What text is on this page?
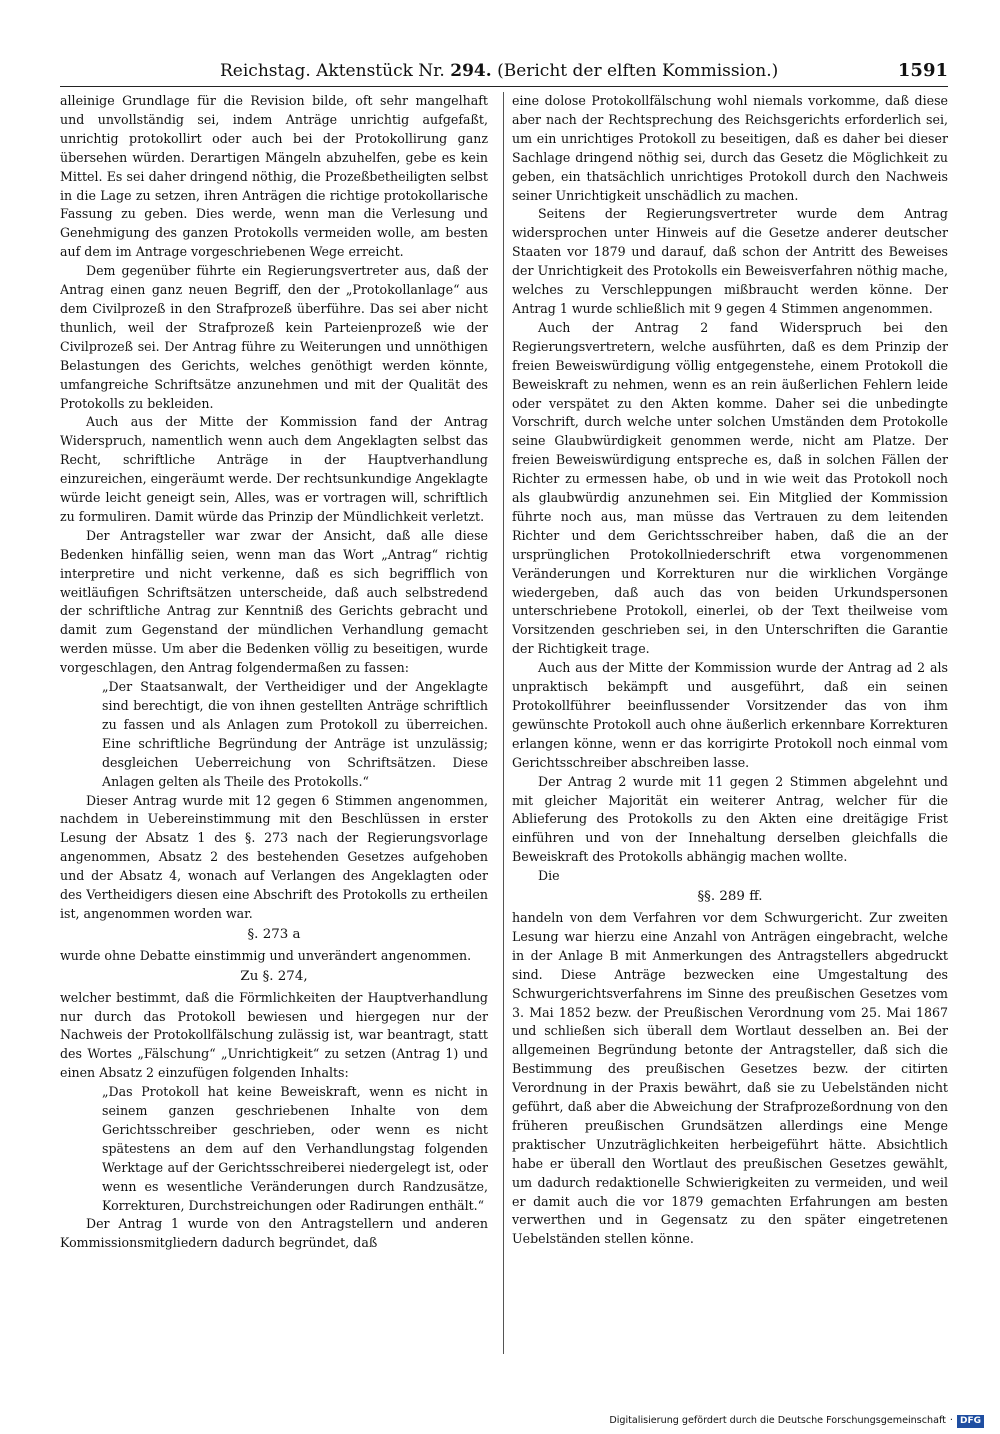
Reichstag. Aktenstück Nr. 294. (Bericht der elften Kommission.)	1591

alleinige Grundlage für die Revision bilde, oft sehr mangelhaft und unvollständig sei, indem Anträge unrichtig aufgefaßt, unrichtig protokollirt oder auch bei der Protokollirung ganz übersehen würden. Derartigen Mängeln abzuhelfen, gebe es kein Mittel. Es sei daher dringend nöthig, die Prozeßbetheiligten selbst in die Lage zu setzen, ihren Anträgen die richtige protokollarische Fassung zu geben. Dies werde, wenn man die Verlesung und Genehmigung des ganzen Protokolls vermeiden wolle, am besten auf dem im Antrage vorgeschriebenen Wege erreicht.

Dem gegenüber führte ein Regierungsvertreter aus, daß der Antrag einen ganz neuen Begriff, den der „Protokollanlage“ aus dem Civilprozeß in den Strafprozeß überführe. Das sei aber nicht thunlich, weil der Strafprozeß kein Parteienprozeß wie der Civilprozeß sei. Der Antrag führe zu Weiterungen und unnöthigen Belastungen des Gerichts, welches genöthigt werden könnte, umfangreiche Schriftsätze anzunehmen und mit der Qualität des Protokolls zu bekleiden.

Auch aus der Mitte der Kommission fand der Antrag Widerspruch, namentlich wenn auch dem Angeklagten selbst das Recht, schriftliche Anträge in der Hauptverhandlung einzureichen, eingeräumt werde. Der rechtsunkundige Angeklagte würde leicht geneigt sein, Alles, was er vortragen will, schriftlich zu formuliren. Damit würde das Prinzip der Mündlichkeit verletzt.

Der Antragsteller war zwar der Ansicht, daß alle diese Bedenken hinfällig seien, wenn man das Wort „Antrag“ richtig interpretire und nicht verkenne, daß es sich begrifflich von weitläufigen Schriftsätzen unterscheide, daß auch selbstredend der schriftliche Antrag zur Kenntniß des Gerichts gebracht und damit zum Gegenstand der mündlichen Verhandlung gemacht werden müsse. Um aber die Bedenken völlig zu beseitigen, wurde vorgeschlagen, den Antrag folgendermaßen zu fassen:

„Der Staatsanwalt, der Vertheidiger und der Angeklagte sind berechtigt, die von ihnen gestellten Anträge schriftlich zu fassen und als Anlagen zum Protokoll zu überreichen. Eine schriftliche Begründung der Anträge ist unzulässig; desgleichen Ueberreichung von Schriftsätzen. Diese Anlagen gelten als Theile des Protokolls.“

Dieser Antrag wurde mit 12 gegen 6 Stimmen angenommen, nachdem in Uebereinstimmung mit den Beschlüssen in erster Lesung der Absatz 1 des §. 273 nach der Regierungsvorlage angenommen, Absatz 2 des bestehenden Gesetzes aufgehoben und der Absatz 4, wonach auf Verlangen des Angeklagten oder des Vertheidigers diesen eine Abschrift des Protokolls zu ertheilen ist, angenommen worden war.

§. 273 a

wurde ohne Debatte einstimmig und unverändert angenommen.

Zu §. 274,

welcher bestimmt, daß die Förmlichkeiten der Hauptverhandlung nur durch das Protokoll bewiesen und hiergegen nur der Nachweis der Protokollfälschung zulässig ist, war beantragt, statt des Wortes „Fälschung“ „Unrichtigkeit“ zu setzen (Antrag 1) und einen Absatz 2 einzufügen folgenden Inhalts:

„Das Protokoll hat keine Beweiskraft, wenn es nicht in seinem ganzen geschriebenen Inhalte von dem Gerichtsschreiber geschrieben, oder wenn es nicht spätestens an dem auf den Verhandlungstag folgenden Werktage auf der Gerichtsschreiberei niedergelegt ist, oder wenn es wesentliche Veränderungen durch Randzusätze, Korrekturen, Durchstreichungen oder Radirungen enthält.“

Der Antrag 1 wurde von den Antragstellern und anderen Kommissionsmitgliedern dadurch begründet, daß

eine dolose Protokollfälschung wohl niemals vorkomme, daß diese aber nach der Rechtsprechung des Reichsgerichts erforderlich sei, um ein unrichtiges Protokoll zu beseitigen, daß es daher bei dieser Sachlage dringend nöthig sei, durch das Gesetz die Möglichkeit zu geben, ein thatsächlich unrichtiges Protokoll durch den Nachweis seiner Unrichtigkeit unschädlich zu machen.

Seitens der Regierungsvertreter wurde dem Antrag widersprochen unter Hinweis auf die Gesetze anderer deutscher Staaten vor 1879 und darauf, daß schon der Antritt des Beweises der Unrichtigkeit des Protokolls ein Beweisverfahren nöthig mache, welches zu Verschleppungen mißbraucht werden könne. Der Antrag 1 wurde schließlich mit 9 gegen 4 Stimmen angenommen.

Auch der Antrag 2 fand Widerspruch bei den Regierungsvertretern, welche ausführten, daß es dem Prinzip der freien Beweiswürdigung völlig entgegenstehe, einem Protokoll die Beweiskraft zu nehmen, wenn es an rein äußerlichen Fehlern leide oder verspätet zu den Akten komme. Daher sei die unbedingte Vorschrift, durch welche unter solchen Umständen dem Protokolle seine Glaubwürdigkeit genommen werde, nicht am Platze. Der freien Beweiswürdigung entspreche es, daß in solchen Fällen der Richter zu ermessen habe, ob und in wie weit das Protokoll noch als glaubwürdig anzunehmen sei. Ein Mitglied der Kommission führte noch aus, man müsse das Vertrauen zu dem leitenden Richter und dem Gerichtsschreiber haben, daß die an der ursprünglichen Protokollniederschrift etwa vorgenommenen Veränderungen und Korrekturen nur die wirklichen Vorgänge wiedergeben, daß auch das von beiden Urkundspersonen unterschriebene Protokoll, einerlei, ob der Text theilweise vom Vorsitzenden geschrieben sei, in den Unterschriften die Garantie der Richtigkeit trage.

Auch aus der Mitte der Kommission wurde der Antrag ad 2 als unpraktisch bekämpft und ausgeführt, daß ein seinen Protokollführer beeinflussender Vorsitzender das von ihm gewünschte Protokoll auch ohne äußerlich erkennbare Korrekturen erlangen könne, wenn er das korrigirte Protokoll noch einmal vom Gerichtsschreiber abschreiben lasse.

Der Antrag 2 wurde mit 11 gegen 2 Stimmen abgelehnt und mit gleicher Majorität ein weiterer Antrag, welcher für die Ablieferung des Protokolls zu den Akten eine dreitägige Frist einführen und von der Innehaltung derselben gleichfalls die Beweiskraft des Protokolls abhängig machen wollte.

Die

§§. 289 ff.

handeln von dem Verfahren vor dem Schwurgericht. Zur zweiten Lesung war hierzu eine Anzahl von Anträgen eingebracht, welche in der Anlage B mit Anmerkungen des Antragstellers abgedruckt sind. Diese Anträge bezwecken eine Umgestaltung des Schwurgerichtsverfahrens im Sinne des preußischen Gesetzes vom 3. Mai 1852 bezw. der Preußischen Verordnung vom 25. Mai 1867 und schließen sich überall dem Wortlaut desselben an. Bei der allgemeinen Begründung betonte der Antragsteller, daß sich die Bestimmung des preußischen Gesetzes bezw. der citirten Verordnung in der Praxis bewährt, daß sie zu Uebelständen nicht geführt, daß aber die Abweichung der Strafprozeßordnung von den früheren preußischen Grundsätzen allerdings eine Menge praktischer Unzuträglichkeiten herbeigeführt hätte. Absichtlich habe er überall den Wortlaut des preußischen Gesetzes gewählt, um dadurch redaktionelle Schwierigkeiten zu vermeiden, und weil er damit auch die vor 1879 gemachten Erfahrungen am besten verwerthen und in Gegensatz zu den später eingetretenen Uebelständen stellen könne.

Digitalisierung gefördert durch die Deutsche Forschungsgemeinschaft · DFG
